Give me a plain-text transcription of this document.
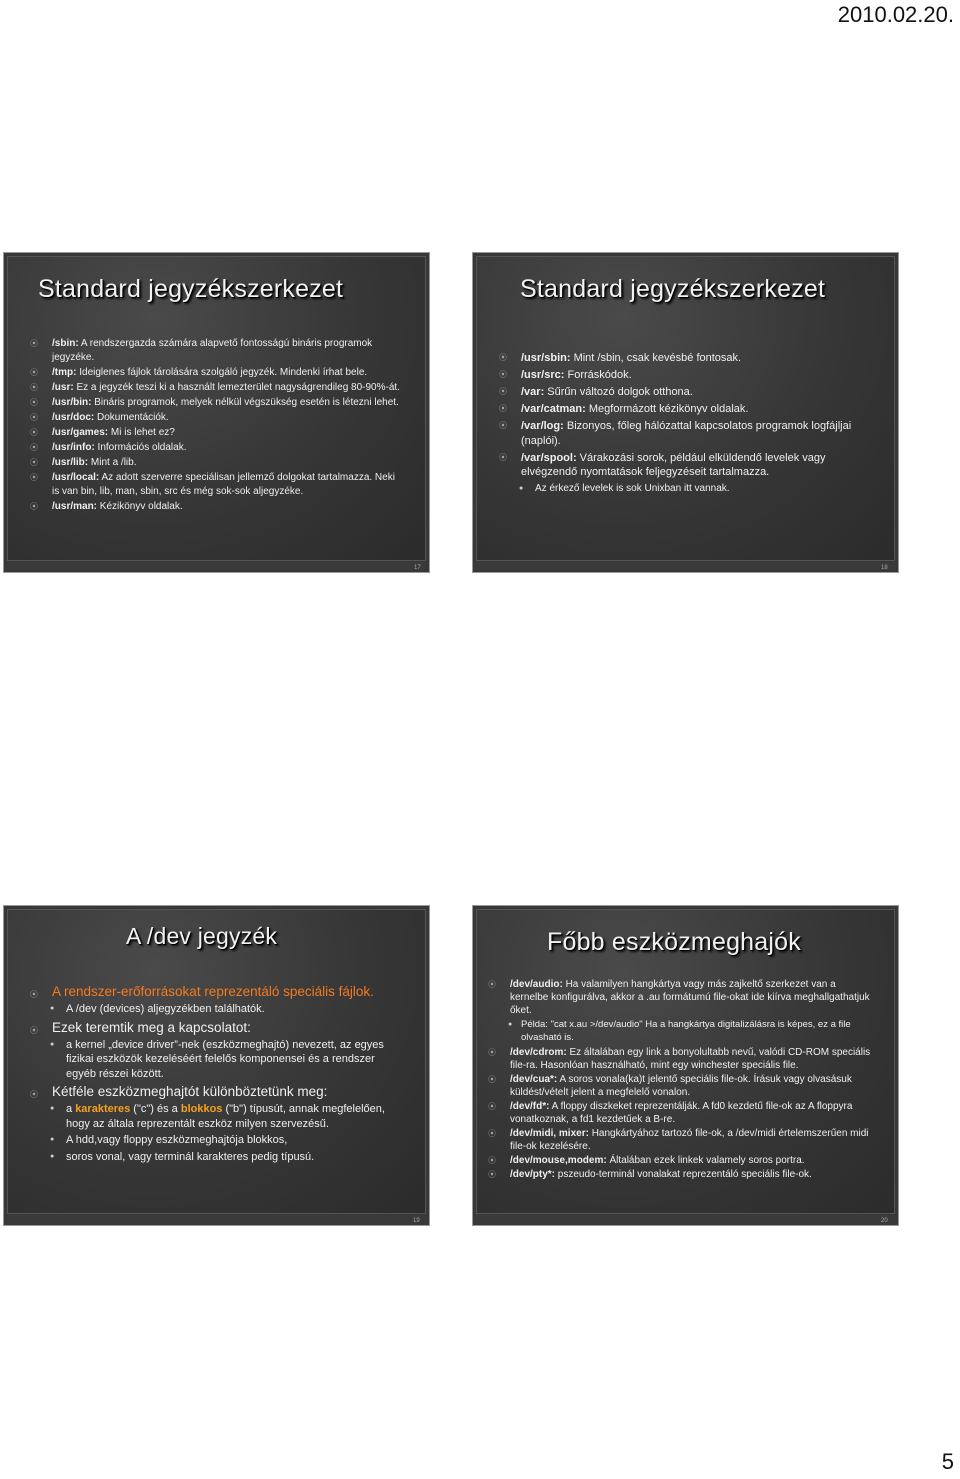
2010.02.20.
Standard jegyzékszerkezet
⦿ /sbin: A rendszergazda számára alapvető fontosságú bináris programok jegyzéke.
⦿ /tmp: Ideiglenes fájlok tárolására szolgáló jegyzék. Mindenki írhat bele.
⦿ /usr: Ez a jegyzék teszi ki a használt lemezterület nagyságrendileg 80-90%-át.
⦿ /usr/bin: Bináris programok, melyek nélkül végszükség esetén is létezni lehet.
⦿ /usr/doc: Dokumentációk.
⦿ /usr/games: Mi is lehet ez?
⦿ /usr/info: Információs oldalak.
⦿ /usr/lib: Mint a /lib.
⦿ /usr/local: Az adott szerverre speciálisan jellemző dolgokat tartalmazza. Neki is van bin, lib, man, sbin, src és még sok-sok aljegyzéke.
⦿ /usr/man: Kézikönyv oldalak.
17
Standard jegyzékszerkezet
⦿ /usr/sbin: Mint /sbin, csak kevésbé fontosak.
⦿ /usr/src: Forráskódok.
⦿ /var: Sűrűn változó dolgok otthona.
⦿ /var/catman: Megformázott kézikönyv oldalak.
⦿ /var/log: Bizonyos, főleg hálózattal kapcsolatos programok logfájljai (naplói).
⦿ /var/spool: Várakozási sorok, például elküldendő levelek vagy elvégzendő nyomtatások feljegyzéseit tartalmazza.
● Az érkező levelek is sok Unixban itt vannak.
18
A /dev jegyzék
⦿ A rendszer-erőforrásokat reprezentáló speciális fájlok.
● A /dev (devices) aljegyzékben találhatók.
⦿ Ezek teremtik meg a kapcsolatot:
● a kernel „device driver”-nek (eszközmeghajtó) nevezett, az egyes fizikai eszközök kezeléséért felelős komponensei és a rendszer egyéb részei között.
⦿ Kétféle eszközmeghajtót különböztetünk meg:
● a karakteres ("c") és a blokkos ("b") típusút, annak megfelelően, hogy az általa reprezentált eszköz milyen szervezésű.
● A hdd,vagy floppy eszközmeghajtója blokkos,
● soros vonal, vagy terminál karakteres pedig típusú.
19
Főbb eszközmeghajók
⦿ /dev/audio: Ha valamilyen hangkártya vagy más zajkeltő szerkezet van a kernelbe konfigurálva, akkor a .au formátumú file-okat ide kiírva meghallgathatjuk őket.
● Példa: "cat x.au >/dev/audio" Ha a hangkártya digitalizálásra is képes, ez a file olvasható is.
⦿ /dev/cdrom: Ez általában egy link a bonyolultabb nevű, valódi CD-ROM speciális file-ra. Hasonlóan használható, mint egy winchester speciális file.
⦿ /dev/cua*: A soros vonala(ka)t jelentő speciális file-ok. Írásuk vagy olvasásuk küldést/vételt jelent a megfelelő vonalon.
⦿ /dev/fd*: A floppy diszkeket reprezentálják. A fd0 kezdetű file-ok az A floppyra vonatkoznak, a fd1 kezdetűek a B-re.
⦿ /dev/midi, mixer: Hangkártyához tartozó file-ok, a /dev/midi értelemszerűen midi file-ok kezelésére.
⦿ /dev/mouse,modem: Általában ezek linkek valamely soros portra.
⦿ /dev/pty*: pszeudo-terminál vonalakat reprezentáló speciális file-ok.
20
5
